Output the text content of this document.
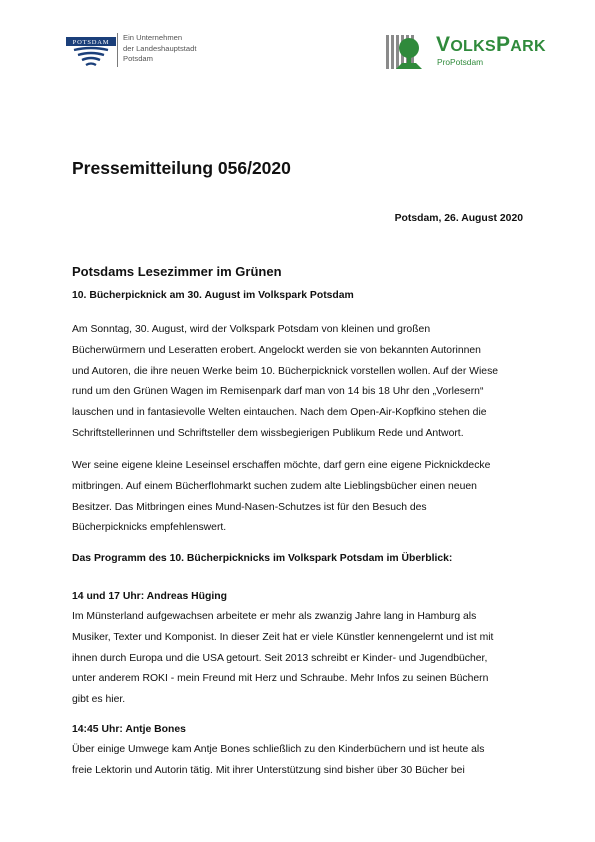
POTSDAM
Ein Unternehmen
der Landeshauptstadt
Potsdam
VOLKSPARK
ProPotsdam
Pressemitteilung 056/2020
Potsdam, 26. August 2020
Potsdams Lesezimmer im Grünen
10. Bücherpicknick am 30. August im Volkspark Potsdam
Am Sonntag, 30. August, wird der Volkspark Potsdam von kleinen und großen
Bücherwürmern und Leseratten erobert. Angelockt werden sie von bekannten Autorinnen
und Autoren, die ihre neuen Werke beim 10. Bücherpicknick vorstellen wollen. Auf der Wiese
rund um den Grünen Wagen im Remisenpark darf man von 14 bis 18 Uhr den „Vorlesern“
lauschen und in fantasievolle Welten eintauchen. Nach dem Open-Air-Kopfkino stehen die
Schriftstellerinnen und Schriftsteller dem wissbegierigen Publikum Rede und Antwort.
Wer seine eigene kleine Leseinsel erschaffen möchte, darf gern eine eigene Picknickdecke
mitbringen. Auf einem Bücherflohmarkt suchen zudem alte Lieblingsbücher einen neuen
Besitzer. Das Mitbringen eines Mund-Nasen-Schutzes ist für den Besuch des
Bücherpicknicks empfehlenswert.
Das Programm des 10. Bücherpicknicks im Volkspark Potsdam im Überblick:
14 und 17 Uhr: Andreas Hüging
Im Münsterland aufgewachsen arbeitete er mehr als zwanzig Jahre lang in Hamburg als
Musiker, Texter und Komponist. In dieser Zeit hat er viele Künstler kennengelernt und ist mit
ihnen durch Europa und die USA getourt. Seit 2013 schreibt er Kinder- und Jugendbücher,
unter anderem ROKI - mein Freund mit Herz und Schraube. Mehr Infos zu seinen Büchern
gibt es hier.
14:45 Uhr: Antje Bones
Über einige Umwege kam Antje Bones schließlich zu den Kinderbüchern und ist heute als
freie Lektorin und Autorin tätig. Mit ihrer Unterstützung sind bisher über 30 Bücher bei
